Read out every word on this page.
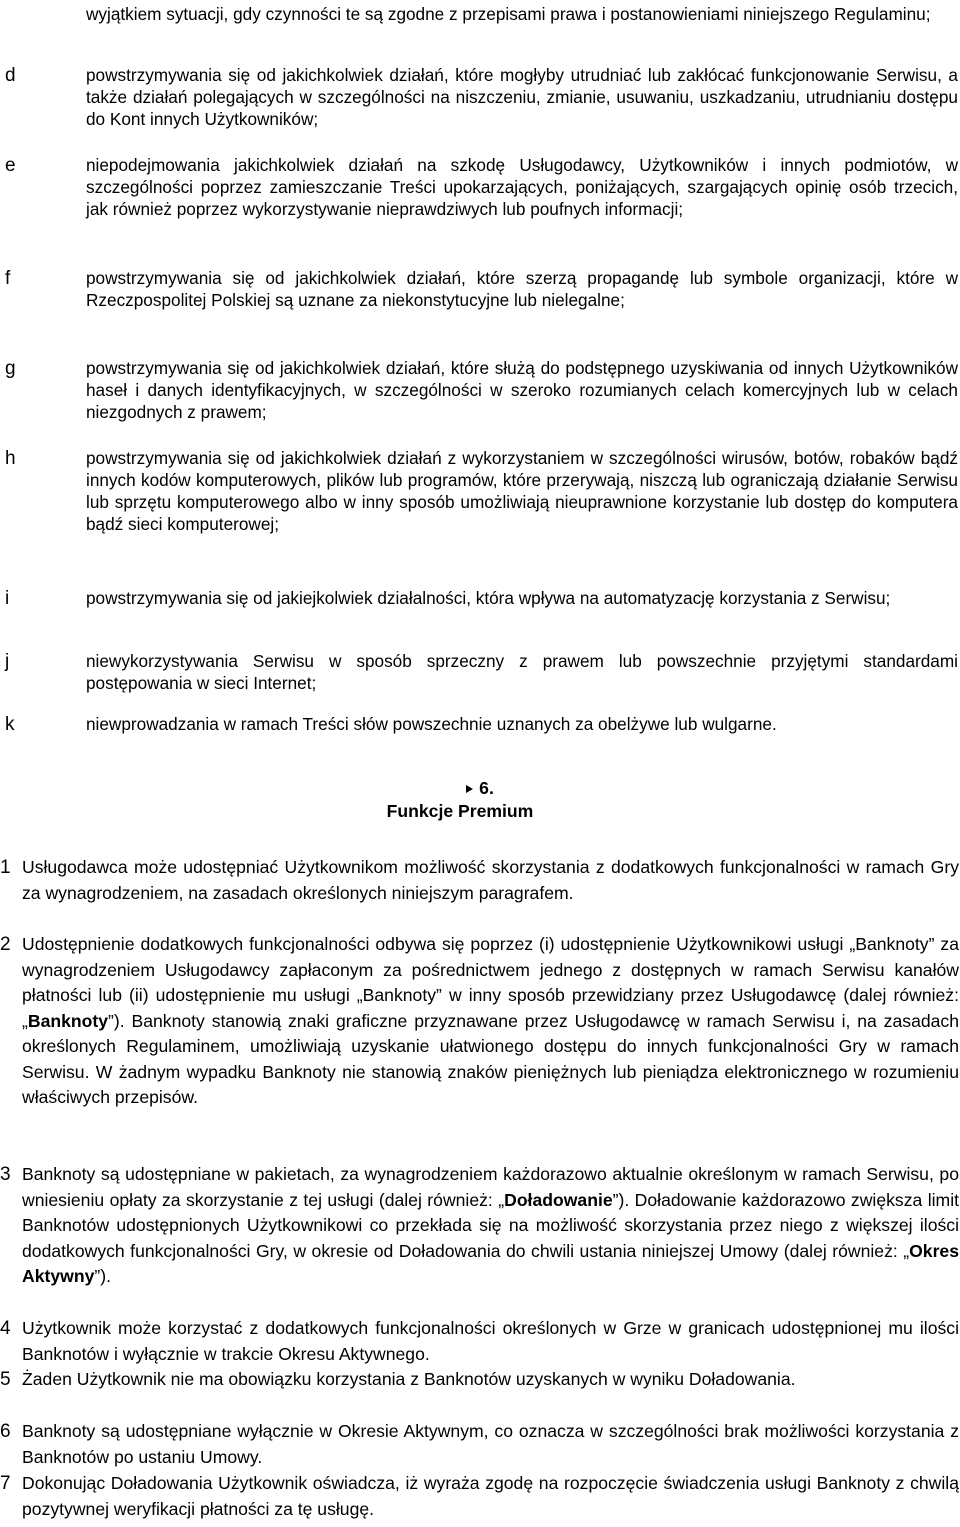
wyjątkiem sytuacji, gdy czynności te są zgodne z przepisami prawa i postanowieniami niniejszego Regulaminu;

d	powstrzymywania się od jakichkolwiek działań, które mogłyby utrudniać lub zakłócać funkcjonowanie Serwisu, a także działań polegających w szczególności na niszczeniu, zmianie, usuwaniu, uszkadzaniu, utrudnianiu dostępu do Kont innych Użytkowników;

e	niepodejmowania jakichkolwiek działań na szkodę Usługodawcy, Użytkowników i innych podmiotów, w szczególności poprzez zamieszczanie Treści upokarzających, poniżających, szargających opinię osób trzecich, jak również poprzez wykorzystywanie nieprawdziwych lub poufnych informacji;

f	powstrzymywania się od jakichkolwiek działań, które szerzą propagandę lub symbole organizacji, które w Rzeczpospolitej Polskiej są uznane za niekonstytucyjne lub nielegalne;

g	powstrzymywania się od jakichkolwiek działań, które służą do podstępnego uzyskiwania od innych Użytkowników haseł i danych identyfikacyjnych, w szczególności w szeroko rozumianych celach komercyjnych lub w celach niezgodnych z prawem;

h	powstrzymywania się od jakichkolwiek działań z wykorzystaniem w szczególności wirusów, botów, robaków bądź innych kodów komputerowych, plików lub programów, które przerywają, niszczą lub ograniczają działanie Serwisu lub sprzętu komputerowego albo w inny sposób umożliwiają nieuprawnione korzystanie lub dostęp do komputera bądź sieci komputerowej;

i	powstrzymywania się od jakiejkolwiek działalności, która wpływa na automatyzację korzystania z Serwisu;

j	niewykorzystywania Serwisu w sposób sprzeczny z prawem lub powszechnie przyjętymi standardami postępowania w sieci Internet;

k	niewprowadzania w ramach Treści słów powszechnie uznanych za obelżywe lub wulgarne.

6.
Funkcje Premium
1 Usługodawca może udostępniać Użytkownikom możliwość skorzystania z dodatkowych funkcjonalności w ramach Gry za wynagrodzeniem, na zasadach określonych niniejszym paragrafem.

2 Udostępnienie dodatkowych funkcjonalności odbywa się poprzez (i) udostępnienie Użytkownikowi usługi „Banknoty” za wynagrodzeniem Usługodawcy zapłaconym za pośrednictwem jednego z dostępnych w ramach Serwisu kanałów płatności lub (ii) udostępnienie mu usługi „Banknoty” w inny sposób przewidziany przez Usługodawcę (dalej również: „Banknoty”). Banknoty stanowią znaki graficzne przyznawane przez Usługodawcę w ramach Serwisu i, na zasadach określonych Regulaminem, umożliwiają uzyskanie ułatwionego dostępu do innych funkcjonalności Gry w ramach Serwisu. W żadnym wypadku Banknoty nie stanowią znaków pieniężnych lub pieniądza elektronicznego w rozumieniu właściwych przepisów.

3 Banknoty są udostępniane w pakietach, za wynagrodzeniem każdorazowo aktualnie określonym w ramach Serwisu, po wniesieniu opłaty za skorzystanie z tej usługi (dalej również: „Doładowanie”). Doładowanie każdorazowo zwiększa limit Banknotów udostępnionych Użytkownikowi co przekłada się na możliwość skorzystania przez niego z większej ilości dodatkowych funkcjonalności Gry, w okresie od Doładowania do chwili ustania niniejszej Umowy (dalej również: „Okres Aktywny”).

4 Użytkownik może korzystać z dodatkowych funkcjonalności określonych w Grze w granicach udostępnionej mu ilości Banknotów i wyłącznie w trakcie Okresu Aktywnego.

5 Żaden Użytkownik nie ma obowiązku korzystania z Banknotów uzyskanych w wyniku Doładowania.

6 Banknoty są udostępniane wyłącznie w Okresie Aktywnym, co oznacza w szczególności brak możliwości korzystania z Banknotów po ustaniu Umowy.

7 Dokonując Doładowania Użytkownik oświadcza, iż wyraża zgodę na rozpoczęcie świadczenia usługi Banknoty z chwilą pozytywnej weryfikacji płatności za tę usługę.
